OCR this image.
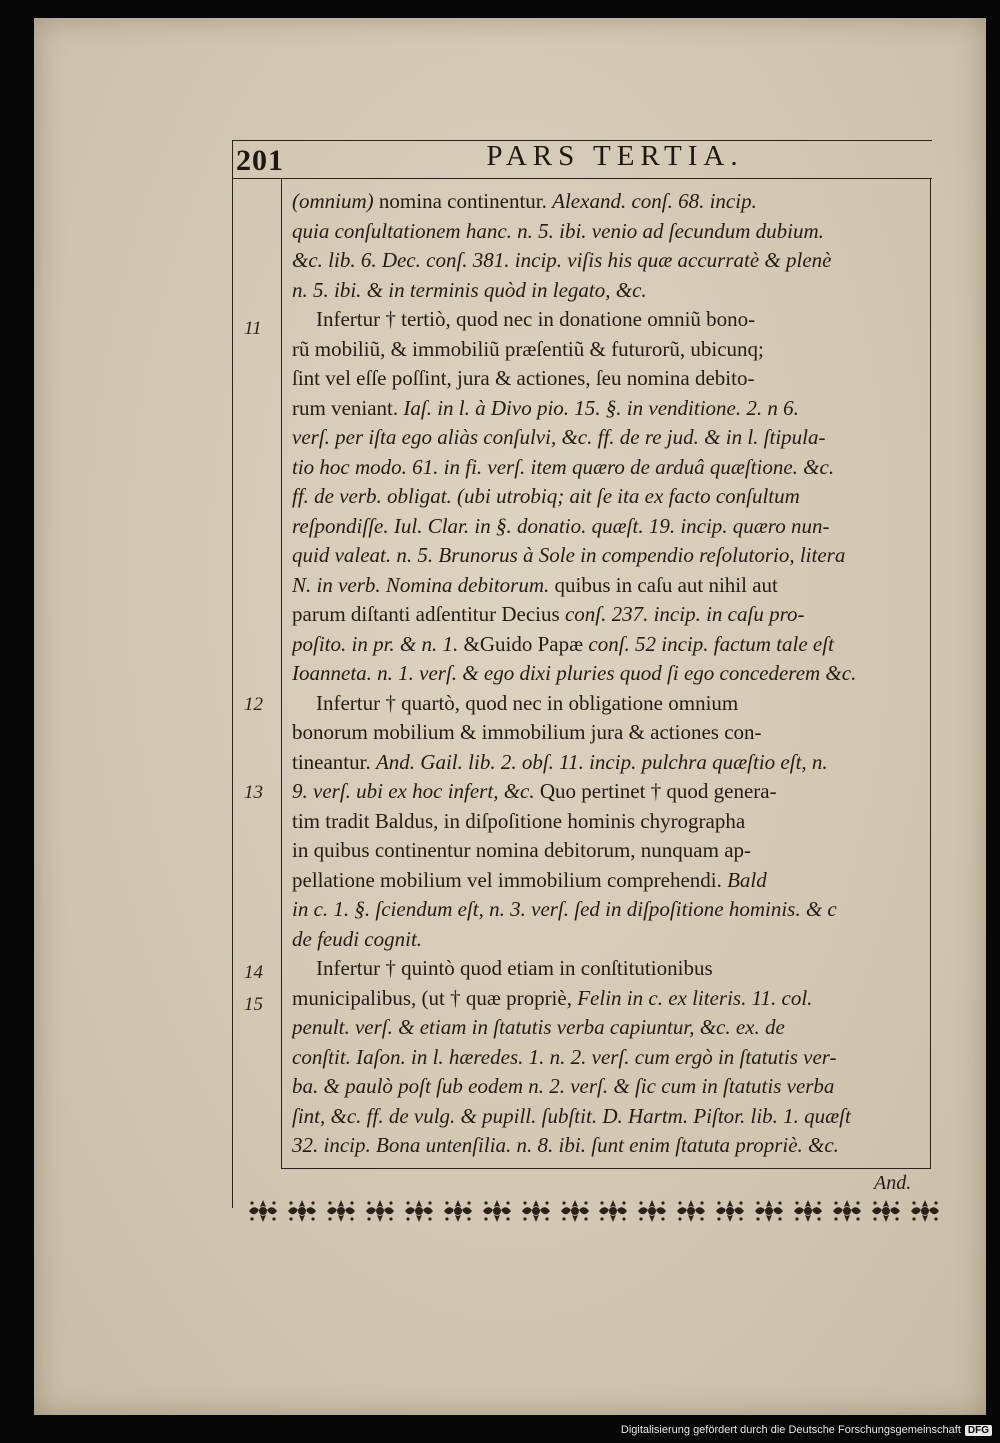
201	PARS TERTIA.
11
12
13
14
15
(omnium) nomina continentur. Alexand. conſ. 68. incip.
quia conſultationem hanc. n. 5. ibi. venio ad ſecundum dubium.
&c. lib. 6. Dec. conſ. 381. incip. viſis his quæ accurratè & plenè
n. 5. ibi. & in terminis quòd in legato, &c.
Infertur † tertiò, quod nec in donatione omniũ bono-
rũ mobiliũ, & immobiliũ præſentiũ & futurorũ, ubicunq;
ſint vel eſſe poſſint, jura & actiones, ſeu nomina debito-
rum veniant. Iaſ. in l. à Divo pio. 15. §. in venditione. 2. n 6.
verſ. per iſta ego aliàs conſulvi, &c. ff. de re jud. & in l. ſtipula-
tio hoc modo. 61. in fi. verſ. item quæro de arduâ quæſtione. &c.
ff. de verb. obligat. (ubi utrobiq; ait ſe ita ex facto conſultum
reſpondiſſe. Iul. Clar. in §. donatio. quæſt. 19. incip. quæro nun-
quid valeat. n. 5. Brunorus à Sole in compendio reſolutorio, litera
N. in verb. Nomina debitorum. quibus in caſu aut nihil aut
parum diſtanti adſentitur Decius conſ. 237. incip. in caſu pro-
poſito. in pr. & n. 1. &Guido Papæ conſ. 52 incip. factum tale eſt
Ioanneta. n. 1. verſ. & ego dixi pluries quod ſi ego concederem &c.
Infertur † quartò, quod nec in obligatione omnium
bonorum mobilium & immobilium jura & actiones con-
tineantur. And. Gail. lib. 2. obſ. 11. incip. pulchra quæſtio eſt, n.
9. verſ. ubi ex hoc infert, &c. Quo pertinet † quod genera-
tim tradit Baldus, in diſpoſitione hominis chyrographa
in quibus continentur nomina debitorum, nunquam ap-
pellatione mobilium vel immobilium comprehendi. Bald
in c. 1. §. ſciendum eſt, n. 3. verſ. ſed in diſpoſitione hominis. & c
de feudi cognit.
Infertur † quintò quod etiam in conſtitutionibus
municipalibus, (ut † quæ propriè, Felin in c. ex literis. 11. col.
penult. verſ. & etiam in ſtatutis verba capiuntur, &c. ex. de
conſtit. Iaſon. in l. hæredes. 1. n. 2. verſ. cum ergò in ſtatutis ver-
ba. & paulò poſt ſub eodem n. 2. verſ. & ſic cum in ſtatutis verba
ſint, &c. ff. de vulg. & pupill. ſubſtit. D. Hartm. Piſtor. lib. 1. quæſt
32. incip. Bona untenſilia. n. 8. ibi. ſunt enim ſtatuta propriè. &c.
And.
Digitalisierung gefördert durch die Deutsche Forschungsgemeinschaft DFG
